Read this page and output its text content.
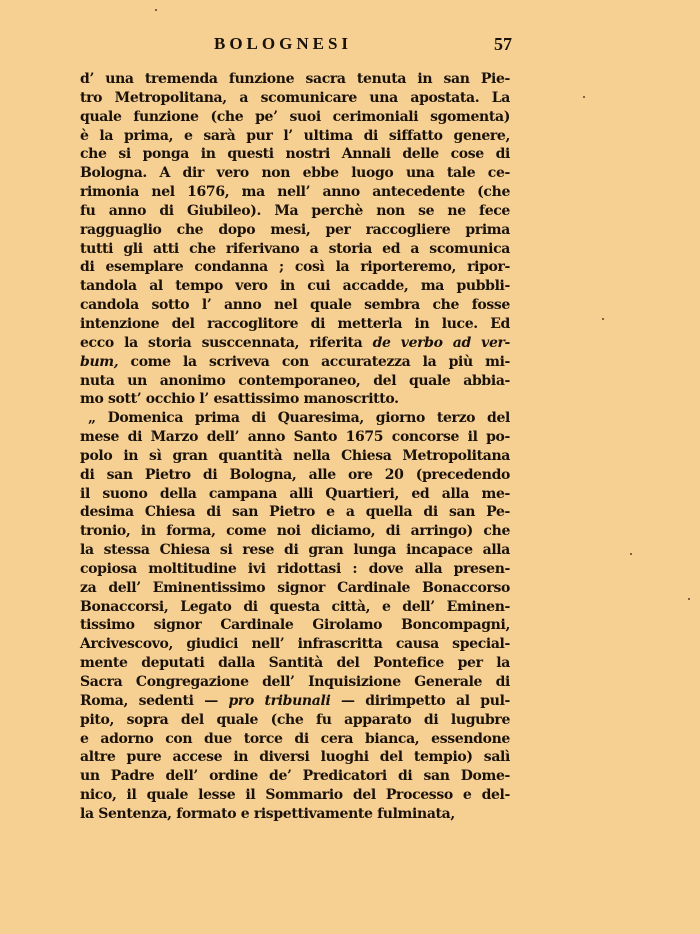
BOLOGNESI	57
d’ una tremenda funzione sacra tenuta in san Pie-
tro Metropolitana, a scomunicare una apostata. La
quale funzione (che pe’ suoi cerimoniali sgomenta)
è la prima, e sarà pur l’ ultima di siffatto genere,
che si ponga in questi nostri Annali delle cose di
Bologna. A dir vero non ebbe luogo una tale ce-
rimonia nel 1676, ma nell’ anno antecedente (che
fu anno di Giubileo). Ma perchè non se ne fece
ragguaglio che dopo mesi, per raccogliere prima
tutti gli atti che riferivano a storia ed a scomunica
di esemplare condanna ; così la riporteremo, ripor-
tandola al tempo vero in cui accadde, ma pubbli-
candola sotto l’ anno nel quale sembra che fosse
intenzione del raccoglitore di metterla in luce. Ed
ecco la storia susccennata, riferita de verbo ad ver-
bum, come la scriveva con accuratezza la più mi-
nuta un anonimo contemporaneo, del quale abbia-
mo sott’ occhio l’ esattissimo manoscritto.
„ Domenica prima di Quaresima, giorno terzo del
mese di Marzo dell’ anno Santo 1675 concorse il po-
polo in sì gran quantità nella Chiesa Metropolitana
di san Pietro di Bologna, alle ore 20 (precedendo
il suono della campana alli Quartieri, ed alla me-
desima Chiesa di san Pietro e a quella di san Pe-
tronio, in forma, come noi diciamo, di arringo) che
la stessa Chiesa si rese di gran lunga incapace alla
copiosa moltitudine ivi ridottasi : dove alla presen-
za dell’ Eminentissimo signor Cardinale Bonaccorso
Bonaccorsi, Legato di questa città, e dell’ Eminen-
tissimo signor Cardinale Girolamo Boncompagni,
Arcivescovo, giudici nell’ infrascritta causa special-
mente deputati dalla Santità del Pontefice per la
Sacra Congregazione dell’ Inquisizione Generale di
Roma, sedenti — pro tribunali — dirimpetto al pul-
pito, sopra del quale (che fu apparato di lugubre
e adorno con due torce di cera bianca, essendone
altre pure accese in diversi luoghi del tempio) salì
un Padre dell’ ordine de’ Predicatori di san Dome-
nico, il quale lesse il Sommario del Processo e del-
la Sentenza, formato e rispettivamente fulminata,
